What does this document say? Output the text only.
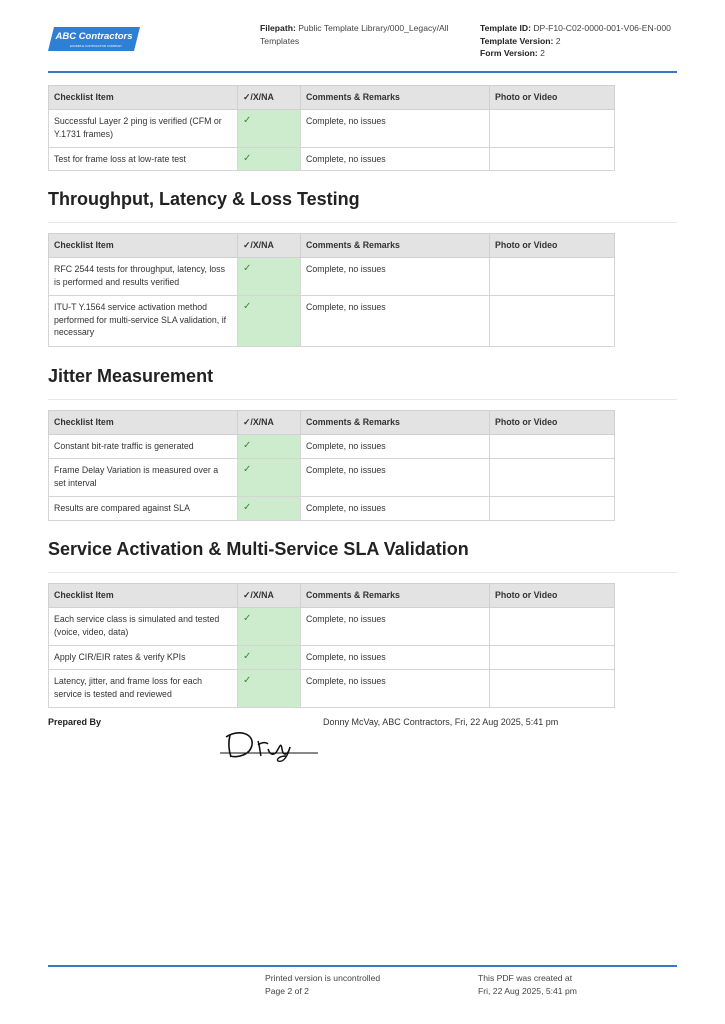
ABC Contractors
EXAMPLE CONTRACTOR COMPANY
Filepath: Public Template Library/000_Legacy/All Templates
Template ID: DP-F10-C02-0000-001-V06-EN-000
Template Version: 2
Form Version: 2
Checklist Item	✓/X/NA	Comments & Remarks	Photo or Video
Successful Layer 2 ping is verified (CFM or Y.1731 frames)	✓	Complete, no issues	
Test for frame loss at low-rate test	✓	Complete, no issues	
Throughput, Latency & Loss Testing
Checklist Item	✓/X/NA	Comments & Remarks	Photo or Video
RFC 2544 tests for throughput, latency, loss is performed and results verified	✓	Complete, no issues	
ITU-T Y.1564 service activation method performed for multi-service SLA validation, if necessary	✓	Complete, no issues	
Jitter Measurement
Checklist Item	✓/X/NA	Comments & Remarks	Photo or Video
Constant bit-rate traffic is generated	✓	Complete, no issues	
Frame Delay Variation is measured over a set interval	✓	Complete, no issues	
Results are compared against SLA	✓	Complete, no issues	
Service Activation & Multi-Service SLA Validation
Checklist Item	✓/X/NA	Comments & Remarks	Photo or Video
Each service class is simulated and tested (voice, video, data)	✓	Complete, no issues	
Apply CIR/EIR rates & verify KPIs	✓	Complete, no issues	
Latency, jitter, and frame loss for each service is tested and reviewed	✓	Complete, no issues	
Prepared By	Donny McVay, ABC Contractors, Fri, 22 Aug 2025, 5:41 pm
Printed version is uncontrolled
Page 2 of 2
This PDF was created at
Fri, 22 Aug 2025, 5:41 pm
